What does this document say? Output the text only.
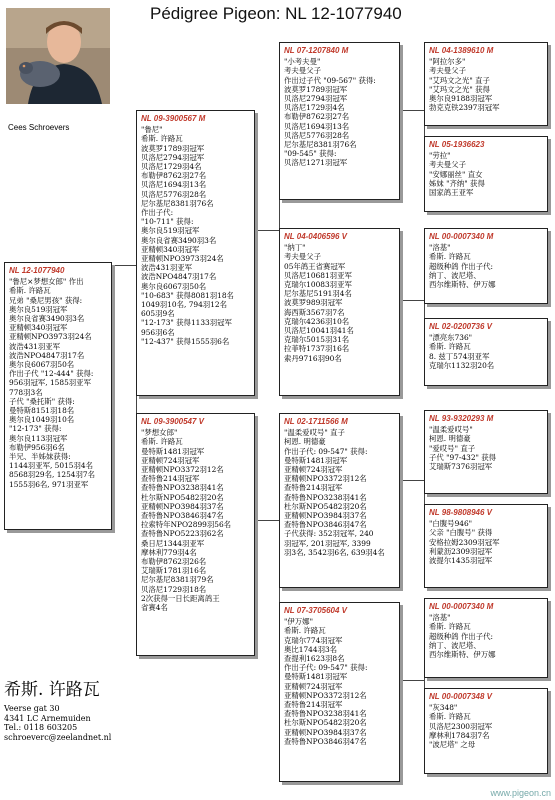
Pédigree Pigeon: NL 12-1077940
Cees Schroevers
NL 12-1077940
"鲁尼×梦想女郎" 作出
希斯. 许路瓦
兄弟 "桑尼男孩" 获得:
奥尔良519羽冠军
奥尔良省赛3490羽3名
亚精顿340羽冠军
亚精顿NPO3973羽24名
波浩431羽亚军
波浩NPO4847羽17名
奥尔良6067羽50名
作出子代 "12-444" 获得:
956羽冠军, 1585羽亚军
778羽3名
子代 "桑托斯" 获得:
曼特斯8151羽18名
奥尔良1049羽10名
"12-173" 获得:
奥尔良113羽冠军
布勒伊956羽6名
半兄、半姊妹获得:
1144羽亚军, 5015羽4名
8568羽29名, 1254羽7名
1555羽6名, 971羽亚军
NL 09-3900567 M
"鲁尼"
希斯. 许路瓦
波莫罗1789羽冠军
贝洛尼2794羽冠军
贝洛尼1729羽4名
布勒伊8762羽27名
贝洛尼1694羽13名
贝洛尼5776羽28名
尼尔基尼8381羽76名
作出子代:
"10-711" 获得:
奥尔良519羽冠军
奥尔良省赛3490羽3名
亚精顿340羽冠军
亚精顿NPO3973羽24名
波浩431羽亚军
波浩NPO4847羽17名
奥尔良6067羽50名
"10-683" 获得8081羽18名
1049羽10名, 794羽12名
605羽9名
"12-173" 获得1133羽冠军
956羽6名
"12-437" 获得1555羽6名
NL 09-3900547 V
"梦想女郎"
希斯. 许路瓦
曼特斯1481羽冠军
亚精顿724羽冠军
亚精顿NPO3372羽12名
查特鲁214羽冠军
查特鲁NPO3238羽41名
杜尔斯NPO5482羽20名
亚精顿NPO3984羽37名
查特鲁NPO3846羽47名
拉索特年NPO2899羽56名
查特鲁NPO5223羽62名
桑日尼1344羽亚军
摩林利779羽4名
布勒伊8762羽26名
艾瑞斯1781羽16名
尼尔基尼8381羽79名
贝洛尼1729羽18名
2次获得一日长距离鸽王
省赛4名
NL 07-1207840 M
"小考夫曼"
考夫曼父子
作出过子代 "09-567" 获得:
波莫罗1789羽冠军
贝洛尼2794羽冠军
贝洛尼1729羽4名
布勒伊8762羽27名
贝洛尼1694羽13名
贝洛尼5776羽28名
尼尔基尼8381羽76名
"09-545" 获得:
贝洛尼1271羽冠军
NL 04-0406596 V
"纳丁"
考夫曼父子
05年鸽王省赛冠军
贝洛尼10681羽亚军
克瑞尔10083羽亚军
尼尔基尼5191羽4名
波莫罗989羽冠军
海西斯3567羽7名
克瑞尔4236羽10名
贝洛尼10041羽41名
克瑞尔5015羽31名
拉菲特1737羽16名
索丹9716羽90名
NL 02-1711566 M
"温柔爱哎号" 直子
柯恩. 明德豪
作出子代: 09-547" 获得:
曼特斯1481羽冠军
亚精顿724羽冠军
亚精顿NPO3372羽12名
查特鲁214羽冠军
查特鲁NPO3238羽41名
杜尔斯NPO5482羽20名
亚精顿NPO3984羽37名
查特鲁NPO3846羽47名
子代获得: 352羽冠军, 240
羽冠军, 201羽冠军, 3399
羽3名, 3542羽6名, 639羽4名
NL 07-3705604 V
"伊万娜"
希斯. 许路瓦
克瑞尔774羽冠军
奥比1744羽3名
查提利1623羽8名
作出子代: 09-547" 获得:
曼特斯1481羽冠军
亚精顿724羽冠军
亚精顿NPO3372羽12名
查特鲁214羽冠军
查特鲁NPO3238羽41名
杜尔斯NPO5482羽20名
亚精顿NPO3984羽37名
查特鲁NPO3846羽47名
NL 04-1389610 M
"阿拉尔多"
考夫曼父子
"艾玛文之光" 直子
"艾玛文之光" 获得
奥尔良9188羽冠军
勃克克铁2397羽冠军
NL 05-1936623
"劳拉"
考夫曼父子
"安娜丽丝" 直女
姊妹 "齐纳" 获得
国家鸽王亚军
NL 00-0007340 M
"洛基"
希斯. 许路瓦
超级种鸽 作出子代:
纳丁、波尼塔、
西尔维斯特、伊万娜
NL 02-0200736 V
"漂亮东736"
希斯. 许路瓦
8. 兹丁574羽亚军
克瑞尔1132羽20名
NL 93-9320293 M
"温柔爱哎号"
柯恩. 明德豪
"爱哎号" 直子
子代 "97-432" 获得
艾瑞斯7376羽冠军
NL 98-9808946 V
"白腹号946"
父亲 "白腹号" 获得
安格拉姆2309羽冠军
利蒙沥2309羽冠军
波提尔1435羽冠军
NL 00-0007340 M
"洛基"
希斯. 许路瓦
超级种鸽 作出子代:
纳丁、波尼塔、
西尔维斯特、伊万娜
NL 00-0007348 V
"灰348"
希斯. 许路瓦
贝洛尼2300羽冠军
摩林利1784羽7名
"波尼塔" 之母
希斯. 许路瓦
Veerse gat 30
4341 LC Arnemuiden
Tel.: 0118 603205
schroeverc@zeelandnet.nl
www.pigeon.cn
